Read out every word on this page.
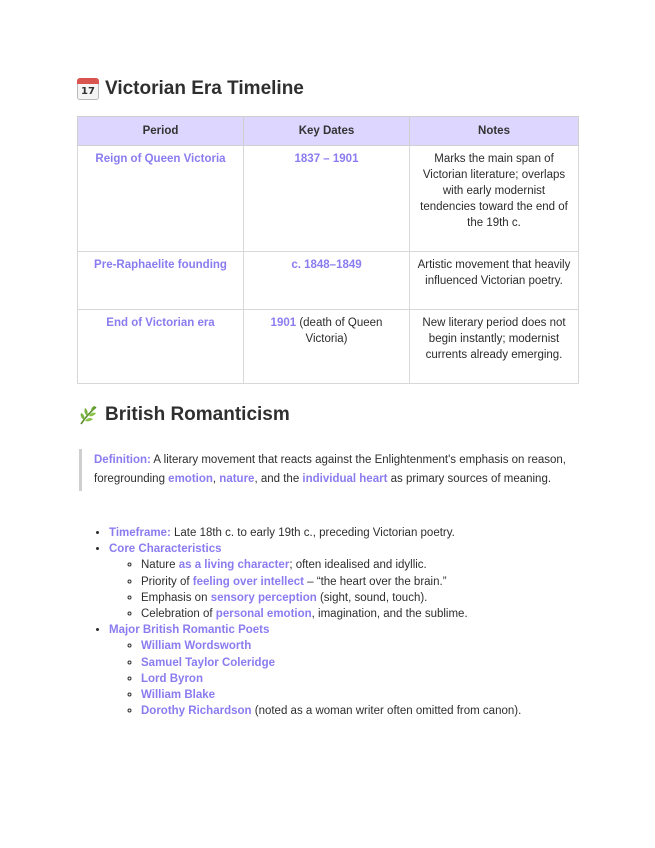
17 Victorian Era Timeline
Period	Key Dates	Notes
Reign of Queen Victoria	1837 – 1901	Marks the main span of Victorian literature; overlaps with early modernist tendencies toward the end of the 19th c.
Pre-Raphaelite founding	c. 1848–1849	Artistic movement that heavily influenced Victorian poetry.
End of Victorian era	1901 (death of Queen Victoria)	New literary period does not begin instantly; modernist currents already emerging.
British Romanticism
Definition: A literary movement that reacts against the Enlightenment's emphasis on reason, foregrounding emotion, nature, and the individual heart as primary sources of meaning.
• Timeframe: Late 18th c. to early 19th c., preceding Victorian poetry.
• Core Characteristics
◦ Nature as a living character; often idealised and idyllic.
◦ Priority of feeling over intellect – “the heart over the brain.”
◦ Emphasis on sensory perception (sight, sound, touch).
◦ Celebration of personal emotion, imagination, and the sublime.
• Major British Romantic Poets
◦ William Wordsworth
◦ Samuel Taylor Coleridge
◦ Lord Byron
◦ William Blake
◦ Dorothy Richardson (noted as a woman writer often omitted from canon).
